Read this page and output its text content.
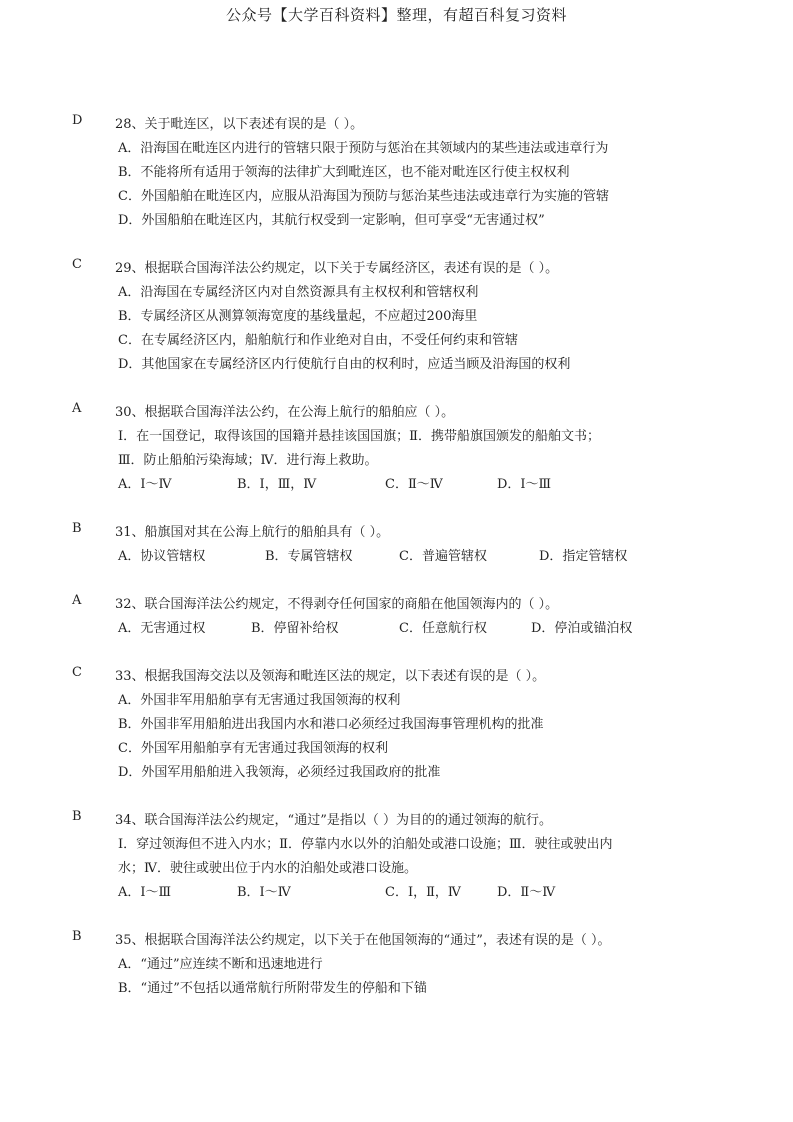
公众号【大学百科资料】整理，有超百科复习资料
D	28、关于毗连区，以下表述有误的是（ ）。
A．沿海国在毗连区内进行的管辖只限于预防与惩治在其领域内的某些违法或违章行为
B．不能将所有适用于领海的法律扩大到毗连区，也不能对毗连区行使主权权利
C．外国船舶在毗连区内，应服从沿海国为预防与惩治某些违法或违章行为实施的管辖
D．外国船舶在毗连区内，其航行权受到一定影响，但可享受“无害通过权”
C	29、根据联合国海洋法公约规定，以下关于专属经济区，表述有误的是（ ）。
A．沿海国在专属经济区内对自然资源具有主权权利和管辖权利
B．专属经济区从测算领海宽度的基线量起，不应超过200海里
C．在专属经济区内，船舶航行和作业绝对自由，不受任何约束和管辖
D．其他国家在专属经济区内行使航行自由的权利时，应适当顾及沿海国的权利
A	30、根据联合国海洋法公约，在公海上航行的船舶应（ ）。
Ⅰ．在一国登记，取得该国的国籍并悬挂该国国旗；Ⅱ．携带船旗国颁发的船舶文书；
Ⅲ．防止船舶污染海域；Ⅳ．进行海上救助。
A．Ⅰ～Ⅳ	B．Ⅰ，Ⅲ，Ⅳ	C．Ⅱ～Ⅳ	D．Ⅰ～Ⅲ
B	31、船旗国对其在公海上航行的船舶具有（ ）。
A．协议管辖权	B．专属管辖权	C．普遍管辖权	D．指定管辖权
A	32、联合国海洋法公约规定，不得剥夺任何国家的商船在他国领海内的（ ）。
A．无害通过权	B．停留补给权	C．任意航行权	D．停泊或锚泊权
C	33、根据我国海交法以及领海和毗连区法的规定，以下表述有误的是（ ）。
A．外国非军用船舶享有无害通过我国领海的权利
B．外国非军用船舶进出我国内水和港口必须经过我国海事管理机构的批准
C．外国军用船舶享有无害通过我国领海的权利
D．外国军用船舶进入我领海，必须经过我国政府的批准
B	34、联合国海洋法公约规定，“通过”是指以（ ）为目的的通过领海的航行。
Ⅰ．穿过领海但不进入内水；Ⅱ．停靠内水以外的泊船处或港口设施；Ⅲ．驶往或驶出内
水；Ⅳ．驶往或驶出位于内水的泊船处或港口设施。
A．Ⅰ～Ⅲ	B．Ⅰ～Ⅳ	C．Ⅰ，Ⅱ，Ⅳ	D．Ⅱ～Ⅳ
B	35、根据联合国海洋法公约规定，以下关于在他国领海的“通过”，表述有误的是（ ）。
A．“通过”应连续不断和迅速地进行
B．“通过”不包括以通常航行所附带发生的停船和下锚
